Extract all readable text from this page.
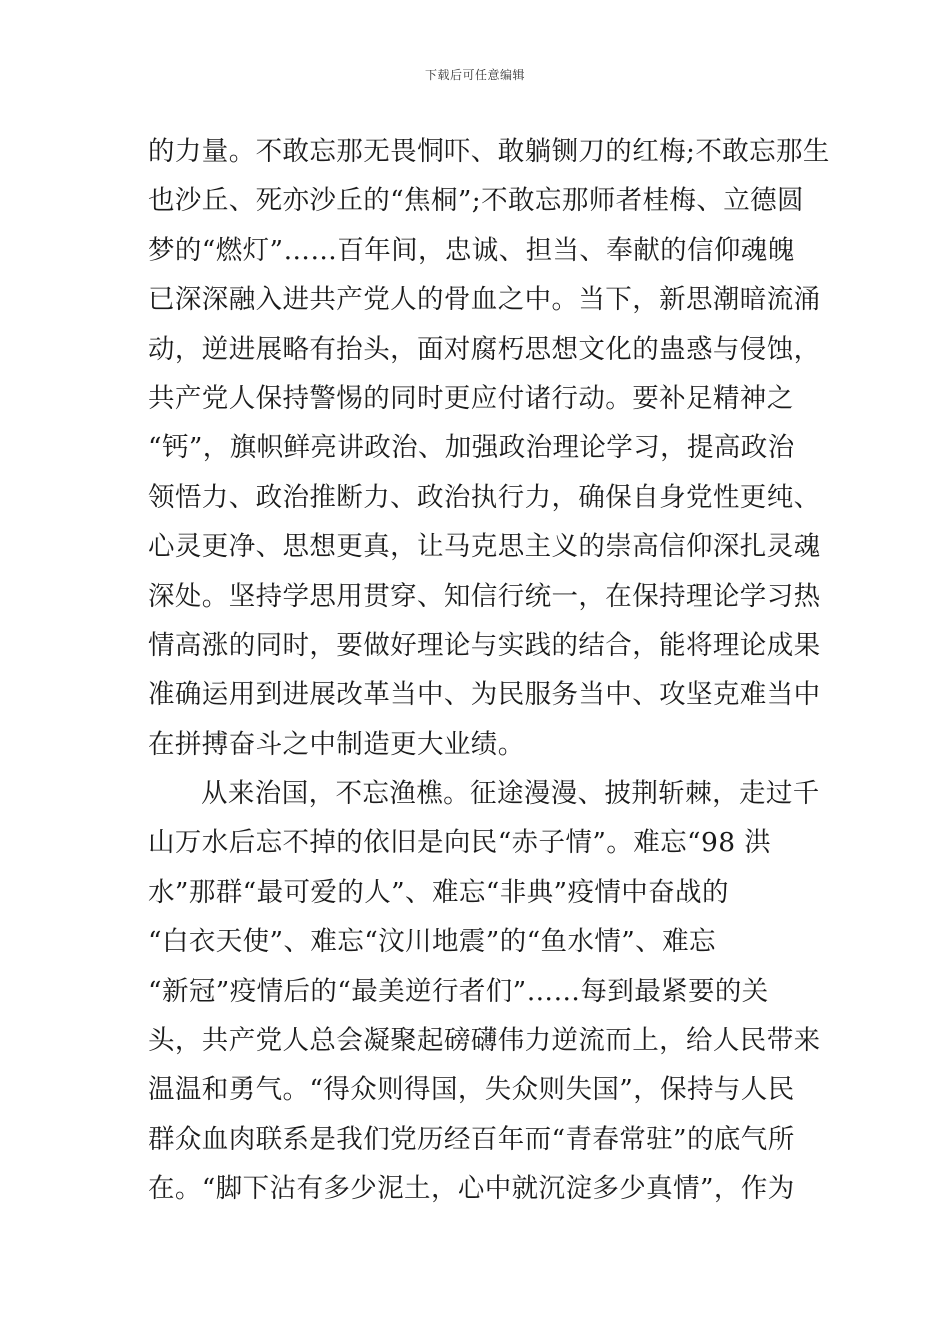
下载后可任意编辑
的力量。不敢忘那无畏恫吓、敢躺铡刀的红梅;不敢忘那生
也沙丘、死亦沙丘的“焦桐”;不敢忘那师者桂梅、立德圆
梦的“燃灯”……百年间，忠诚、担当、奉献的信仰魂魄
已深深融入进共产党人的骨血之中。当下，新思潮暗流涌
动，逆进展略有抬头，面对腐朽思想文化的蛊惑与侵蚀，
共产党人保持警惕的同时更应付诸行动。要补足精神之
“钙”，旗帜鲜亮讲政治、加强政治理论学习，提高政治
领悟力、政治推断力、政治执行力，确保自身党性更纯、
心灵更净、思想更真，让马克思主义的崇高信仰深扎灵魂
深处。坚持学思用贯穿、知信行统一，在保持理论学习热
情高涨的同时，要做好理论与实践的结合，能将理论成果
准确运用到进展改革当中、为民服务当中、攻坚克难当中
在拼搏奋斗之中制造更大业绩。
从来治国，不忘渔樵。征途漫漫、披荆斩棘，走过千
山万水后忘不掉的依旧是向民“赤子情”。难忘“98 洪
水”那群“最可爱的人”、难忘“非典”疫情中奋战的
“白衣天使”、难忘“汶川地震”的“鱼水情”、难忘
“新冠”疫情后的“最美逆行者们”……每到最紧要的关
头，共产党人总会凝聚起磅礴伟力逆流而上，给人民带来
温温和勇气。“得众则得国，失众则失国”，保持与人民
群众血肉联系是我们党历经百年而“青春常驻”的底气所
在。“脚下沾有多少泥土，心中就沉淀多少真情”，作为
